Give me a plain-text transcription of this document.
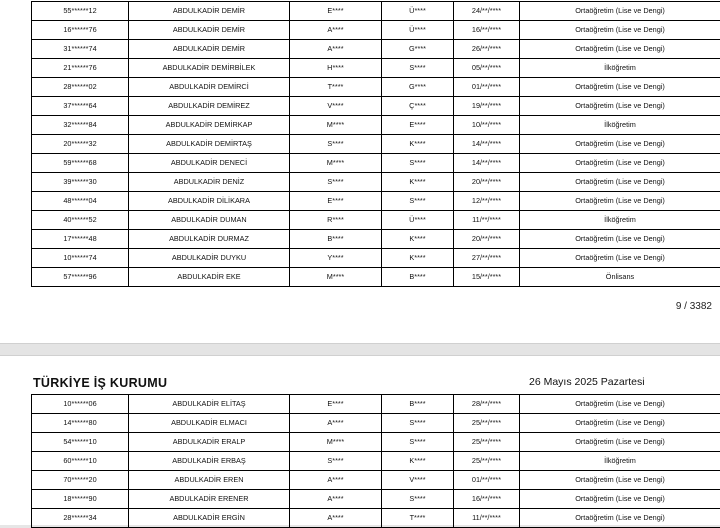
55******12	ABDULKADİR DEMİR	E****	Ü****	24/**/****	Ortaöğretim (Lise ve Dengi)
16******76	ABDULKADİR DEMİR	A****	Ü****	16/**/****	Ortaöğretim (Lise ve Dengi)
31******74	ABDULKADİR DEMİR	A****	G****	26/**/****	Ortaöğretim (Lise ve Dengi)
21******76	ABDULKADİR DEMİRBİLEK	H****	S****	05/**/****	İlköğretim
28******02	ABDULKADİR DEMİRCİ	T****	G****	01/**/****	Ortaöğretim (Lise ve Dengi)
37******64	ABDULKADİR DEMİREZ	V****	Ç****	19/**/****	Ortaöğretim (Lise ve Dengi)
32******84	ABDULKADİR DEMİRKAP	M****	E****	10/**/****	İlköğretim
20******32	ABDULKADİR DEMİRTAŞ	S****	K****	14/**/****	Ortaöğretim (Lise ve Dengi)
59******68	ABDULKADİR DENECİ	M****	S****	14/**/****	Ortaöğretim (Lise ve Dengi)
39******30	ABDULKADİR DENİZ	S****	K****	20/**/****	Ortaöğretim (Lise ve Dengi)
48******04	ABDULKADİR DİLİKARA	E****	S****	12/**/****	Ortaöğretim (Lise ve Dengi)
40******52	ABDULKADİR DUMAN	R****	Ü****	11/**/****	İlköğretim
17******48	ABDULKADİR DURMAZ	B****	K****	20/**/****	Ortaöğretim (Lise ve Dengi)
10******74	ABDULKADİR DUYKU	Y****	K****	27/**/****	Ortaöğretim (Lise ve Dengi)
57******96	ABDULKADİR EKE	M****	B****	15/**/****	Önlisans
9 / 3382
TÜRKİYE İŞ KURUMU	26 Mayıs 2025 Pazartesi
10******06	ABDULKADİR ELİTAŞ	E****	B****	28/**/****	Ortaöğretim (Lise ve Dengi)
14******80	ABDULKADİR ELMACI	A****	S****	25/**/****	Ortaöğretim (Lise ve Dengi)
54******10	ABDULKADİR ERALP	M****	S****	25/**/****	Ortaöğretim (Lise ve Dengi)
60******10	ABDULKADİR ERBAŞ	S****	K****	25/**/****	İlköğretim
70******20	ABDULKADİR EREN	A****	V****	01/**/****	Ortaöğretim (Lise ve Dengi)
18******90	ABDULKADİR ERENER	A****	S****	16/**/****	Ortaöğretim (Lise ve Dengi)
28******34	ABDULKADİR ERGİN	A****	T****	11/**/****	Ortaöğretim (Lise ve Dengi)
